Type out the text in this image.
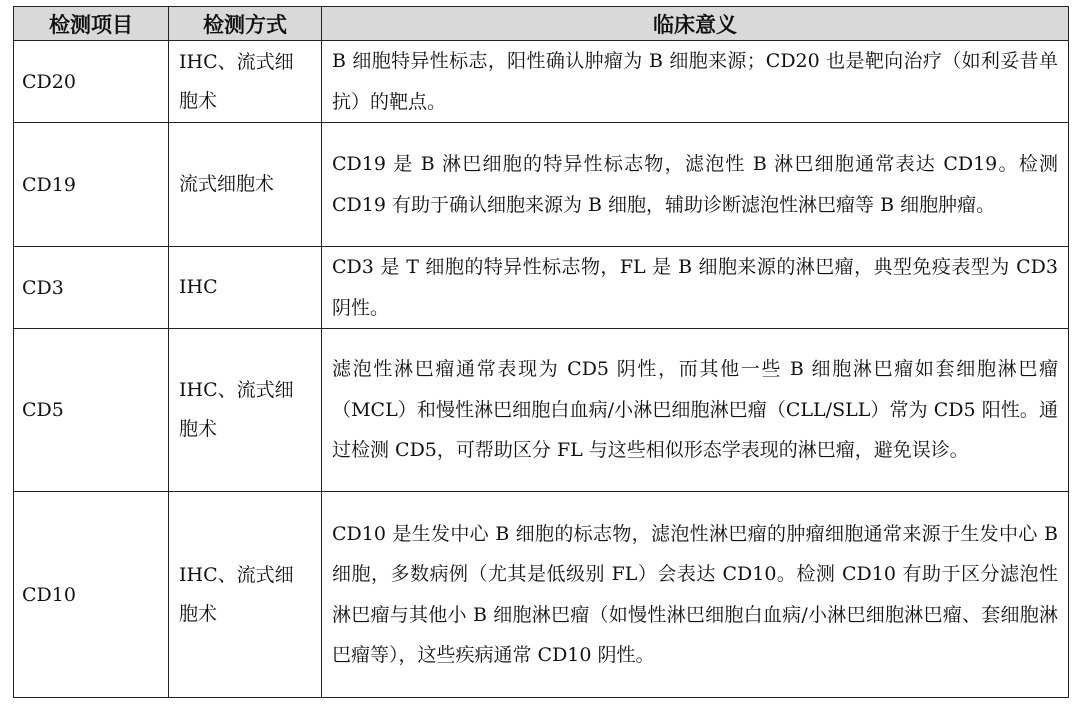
检测项目	检测方式	临床意义
CD20	IHC、流式细胞术	B 细胞特异性标志，阳性确认肿瘤为 B 细胞来源；CD20 也是靶向治疗（如利妥昔单抗）的靶点。
CD19	流式细胞术	CD19 是 B 淋巴细胞的特异性标志物，滤泡性 B 淋巴细胞通常表达 CD19。检测 CD19 有助于确认细胞来源为 B 细胞，辅助诊断滤泡性淋巴瘤等 B 细胞肿瘤。
CD3	IHC	CD3 是 T 细胞的特异性标志物，FL 是 B 细胞来源的淋巴瘤，典型免疫表型为 CD3 阴性。
CD5	IHC、流式细胞术	滤泡性淋巴瘤通常表现为 CD5 阴性，而其他一些 B 细胞淋巴瘤如套细胞淋巴瘤（MCL）和慢性淋巴细胞白血病/小淋巴细胞淋巴瘤（CLL/SLL）常为 CD5 阳性。通过检测 CD5，可帮助区分 FL 与这些相似形态学表现的淋巴瘤，避免误诊。
CD10	IHC、流式细胞术	CD10 是生发中心 B 细胞的标志物，滤泡性淋巴瘤的肿瘤细胞通常来源于生发中心 B 细胞，多数病例（尤其是低级别 FL）会表达 CD10。检测 CD10 有助于区分滤泡性淋巴瘤与其他小 B 细胞淋巴瘤（如慢性淋巴细胞白血病/小淋巴细胞淋巴瘤、套细胞淋巴瘤等），这些疾病通常 CD10 阴性。
